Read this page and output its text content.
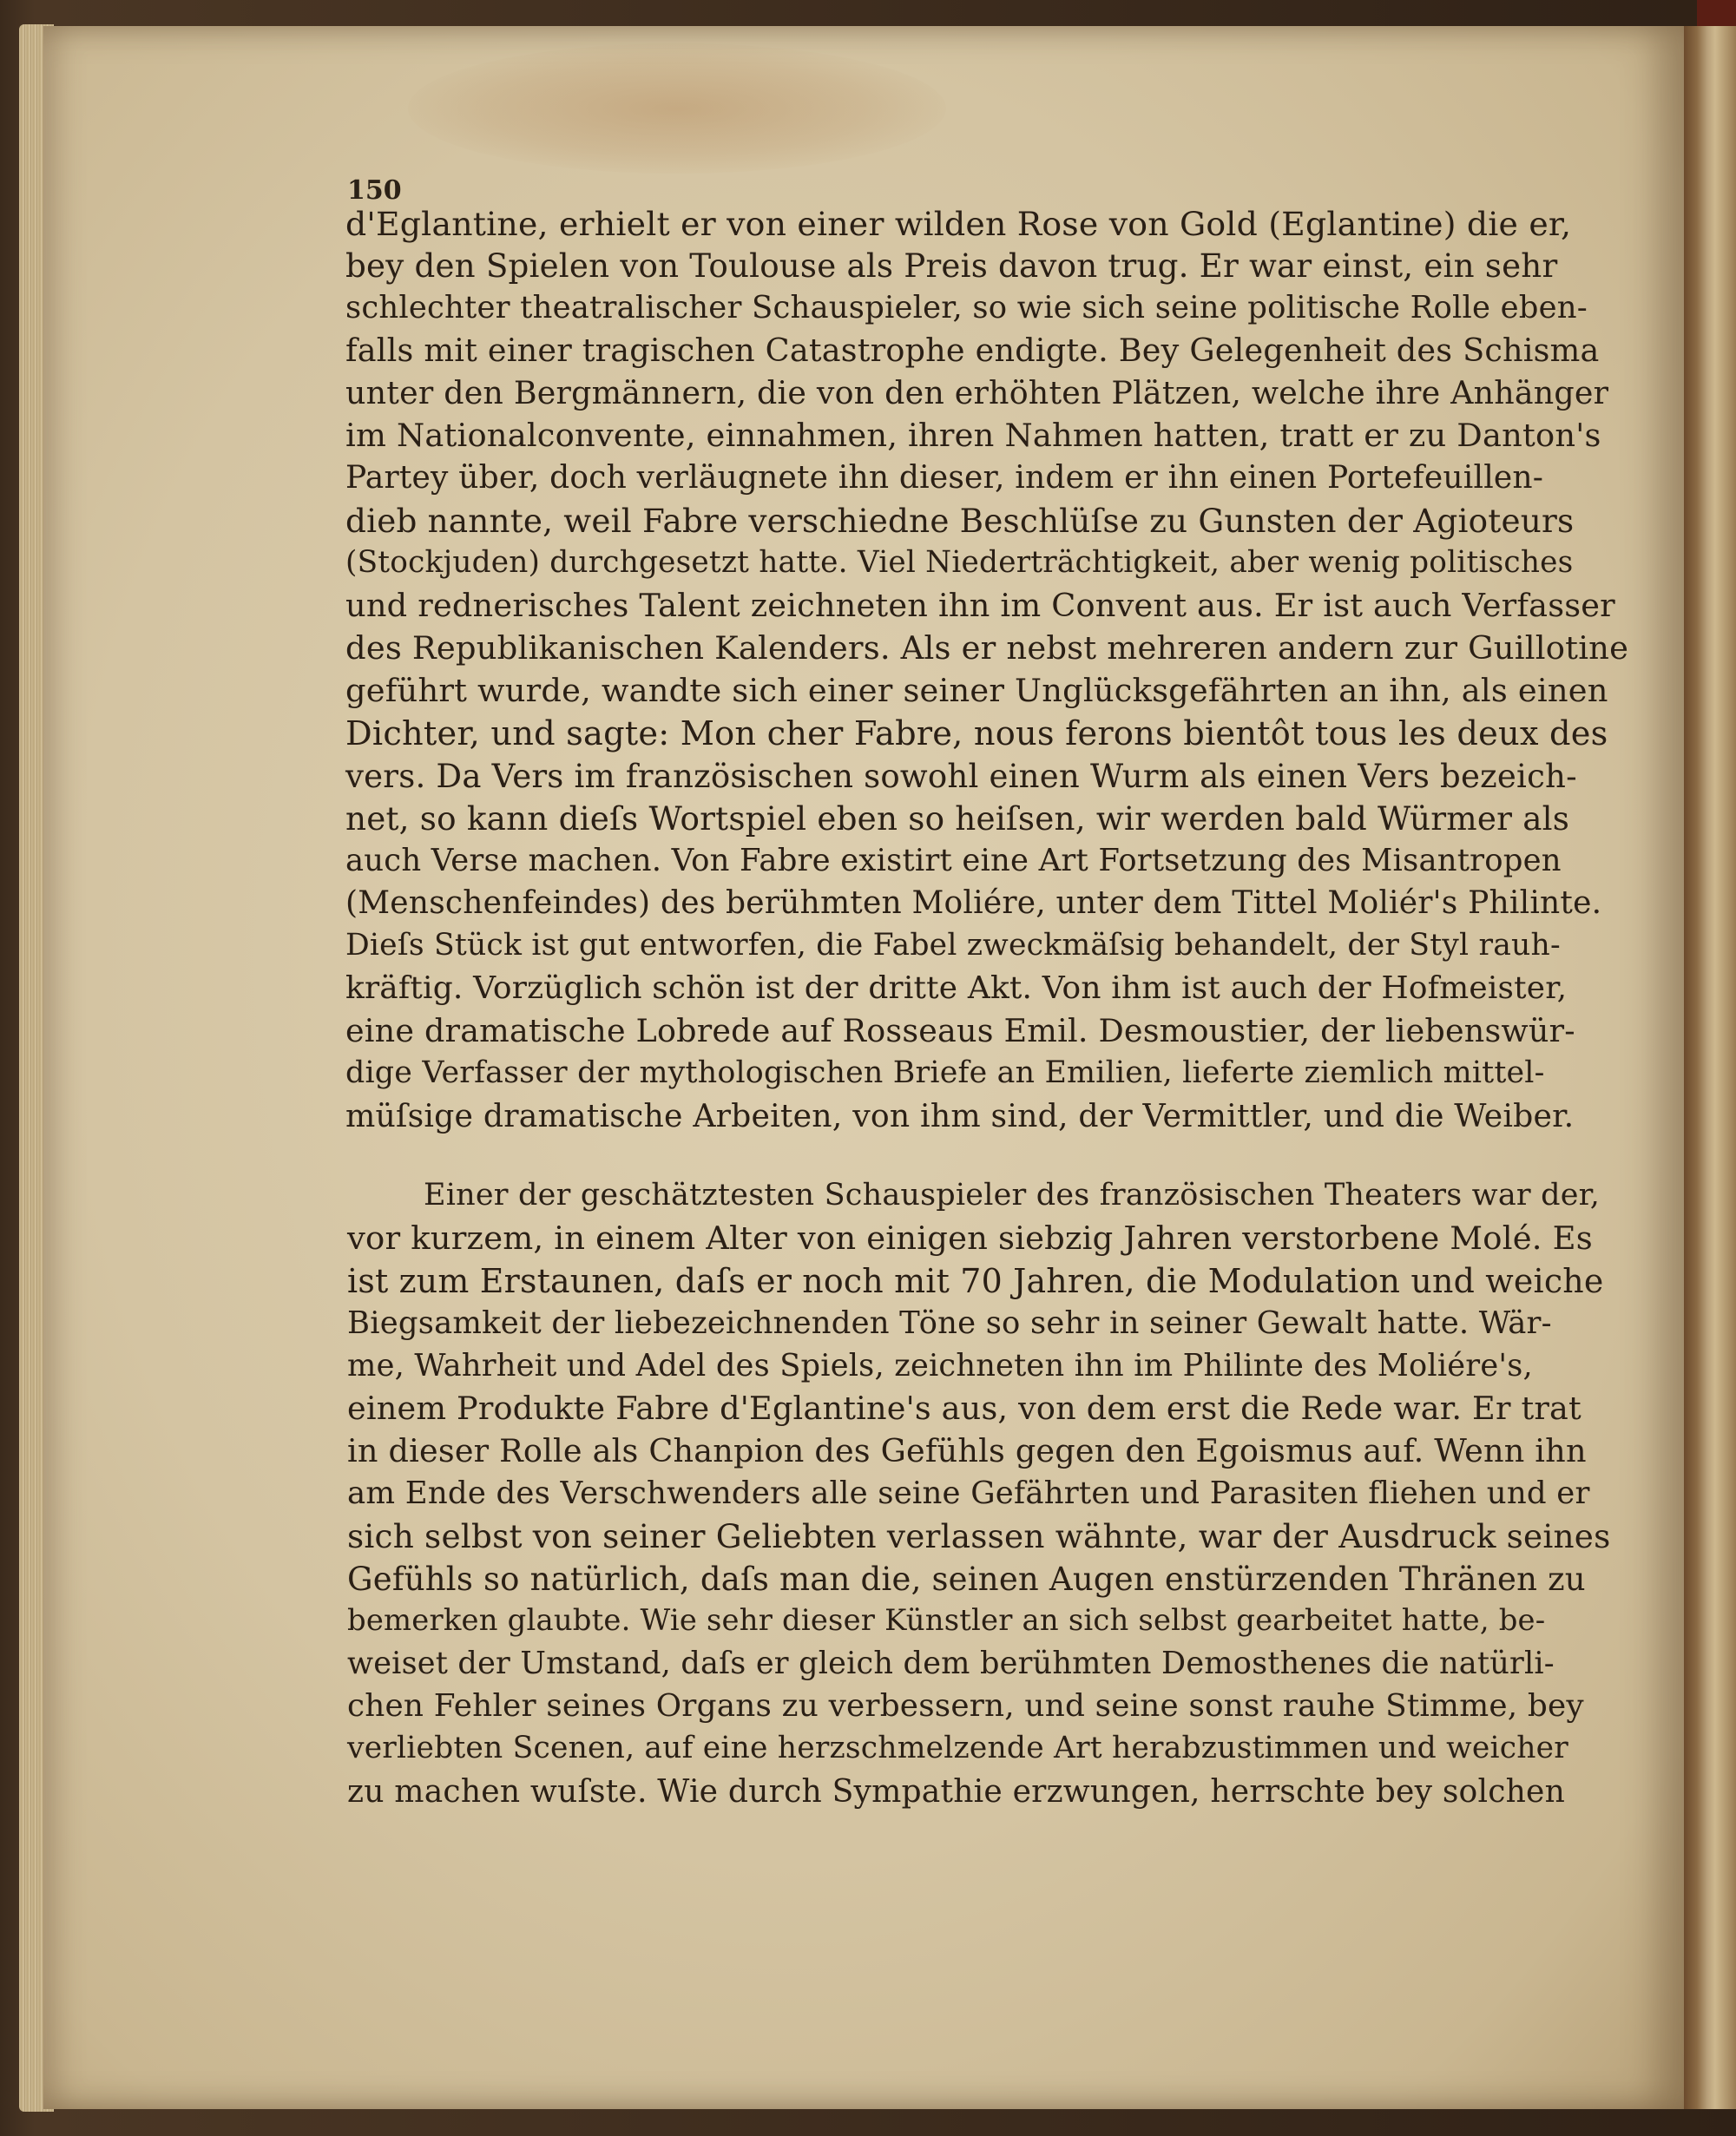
150
d'Eglantine, erhielt er von einer wilden Rose von Gold (Eglantine) die er,
bey den Spielen von Toulouse als Preis davon trug. Er war einst, ein sehr
schlechter theatralischer Schauspieler, so wie sich seine politische Rolle eben-
falls mit einer tragischen Catastrophe endigte. Bey Gelegenheit des Schisma
unter den Bergmännern, die von den erhöhten Plätzen, welche ihre Anhänger
im Nationalconvente, einnahmen, ihren Nahmen hatten, tratt er zu Danton's
Partey über, doch verläugnete ihn dieser, indem er ihn einen Portefeuillen-
dieb nannte, weil Fabre verschiedne Beschlüſse zu Gunsten der Agioteurs
(Stockjuden) durchgesetzt hatte. Viel Niederträchtigkeit, aber wenig politisches
und rednerisches Talent zeichneten ihn im Convent aus. Er ist auch Verfasser
des Republikanischen Kalenders. Als er nebst mehreren andern zur Guillotine
geführt wurde, wandte sich einer seiner Unglücksgefährten an ihn, als einen
Dichter, und sagte: Mon cher Fabre, nous ferons bientôt tous les deux des
vers. Da Vers im französischen sowohl einen Wurm als einen Vers bezeich-
net, so kann dieſs Wortspiel eben so heiſsen, wir werden bald Würmer als
auch Verse machen. Von Fabre existirt eine Art Fortsetzung des Misantropen
(Menschenfeindes) des berühmten Moliére, unter dem Tittel Moliér's Philinte.
Dieſs Stück ist gut entworfen, die Fabel zweckmäſsig behandelt, der Styl rauh-
kräftig. Vorzüglich schön ist der dritte Akt. Von ihm ist auch der Hofmeister,
eine dramatische Lobrede auf Rosseaus Emil. Desmoustier, der liebenswür-
dige Verfasser der mythologischen Briefe an Emilien, lieferte ziemlich mittel-
müſsige dramatische Arbeiten, von ihm sind, der Vermittler, und die Weiber.
Einer der geschätztesten Schauspieler des französischen Theaters war der,
vor kurzem, in einem Alter von einigen siebzig Jahren verstorbene Molé. Es
ist zum Erstaunen, daſs er noch mit 70 Jahren, die Modulation und weiche
Biegsamkeit der liebezeichnenden Töne so sehr in seiner Gewalt hatte. Wär-
me, Wahrheit und Adel des Spiels, zeichneten ihn im Philinte des Moliére's,
einem Produkte Fabre d'Eglantine's aus, von dem erst die Rede war. Er trat
in dieser Rolle als Chanpion des Gefühls gegen den Egoismus auf. Wenn ihn
am Ende des Verschwenders alle seine Gefährten und Parasiten fliehen und er
sich selbst von seiner Geliebten verlassen wähnte, war der Ausdruck seines
Gefühls so natürlich, daſs man die, seinen Augen enstürzenden Thränen zu
bemerken glaubte. Wie sehr dieser Künstler an sich selbst gearbeitet hatte, be-
weiset der Umstand, daſs er gleich dem berühmten Demosthenes die natürli-
chen Fehler seines Organs zu verbessern, und seine sonst rauhe Stimme, bey
verliebten Scenen, auf eine herzschmelzende Art herabzustimmen und weicher
zu machen wuſste. Wie durch Sympathie erzwungen, herrschte bey solchen
